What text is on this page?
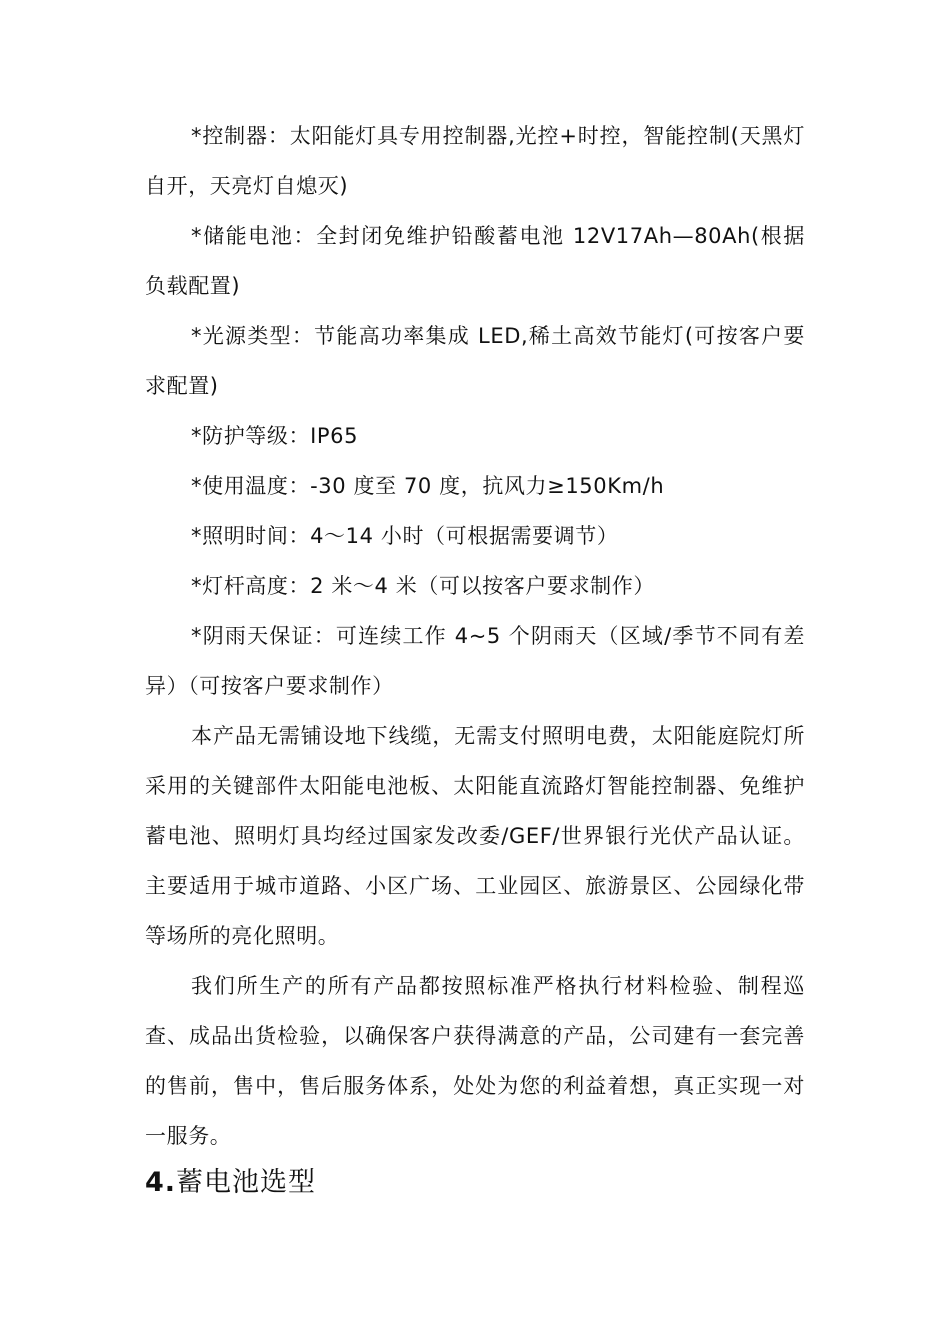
*控制器：太阳能灯具专用控制器,光控+时控，智能控制(天黑灯自开，天亮灯自熄灭)

*储能电池：全封闭免维护铅酸蓄电池 12V17Ah—80Ah(根据负载配置)

*光源类型：节能高功率集成 LED,稀土高效节能灯(可按客户要求配置)

*防护等级：IP65

*使用温度：-30 度至 70 度，抗风力≥150Km/h

*照明时间：4～14 小时（可根据需要调节）

*灯杆高度：2 米～4 米（可以按客户要求制作）

*阴雨天保证：可连续工作 4~5 个阴雨天（区域/季节不同有差异）（可按客户要求制作）

本产品无需铺设地下线缆，无需支付照明电费，太阳能庭院灯所采用的关键部件太阳能电池板、太阳能直流路灯智能控制器、免维护蓄电池、照明灯具均经过国家发改委/GEF/世界银行光伏产品认证。主要适用于城市道路、小区广场、工业园区、旅游景区、公园绿化带等场所的亮化照明。

我们所生产的所有产品都按照标准严格执行材料检验、制程巡查、成品出货检验，以确保客户获得满意的产品，公司建有一套完善的售前，售中，售后服务体系，处处为您的利益着想，真正实现一对一服务。

4.蓄电池选型
